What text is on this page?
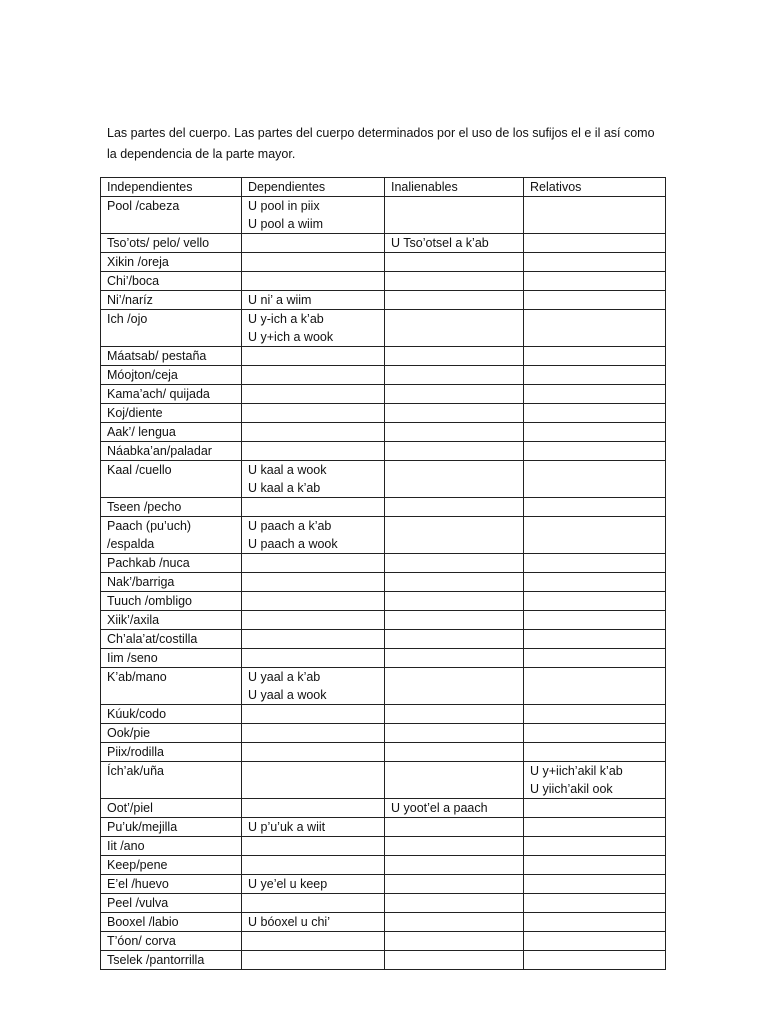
Las partes del cuerpo. Las partes del cuerpo determinados por el uso de los sufijos el e il así como
la dependencia de la parte mayor.
Independientes	Dependientes	Inalienables	Relativos

Pool /cabeza	U pool in piix
U pool a wiim		

Tso’ots/ pelo/ vello		U Tso’otsel a k’ab	

Xikin /oreja			

Chi’/boca			

Ni’/naríz	U ni’ a wiim		

Ich /ojo	U y-ich a k’ab
U y+ich a wook		

Máatsab/ pestaña			

Móojton/ceja			

Kama’ach/ quijada			

Koj/diente			

Aak’/ lengua			

Náabka’an/paladar			

Kaal /cuello	U kaal a wook
U kaal a k’ab		

Tseen /pecho			

Paach (pu’uch)
/espalda	U paach a k’ab
U paach a wook		

Pachkab /nuca			

Nak’/barriga			

Tuuch /ombligo			

Xiik’/axila			

Ch’ala’at/costilla			

Iim /seno			

K’ab/mano	U yaal a k’ab
U yaal a wook		

Kúuk/codo			

Ook/pie			

Piix/rodilla			

Ích’ak/uña			U y+iich’akil k’ab
U yiich’akil ook

Oot’/piel		U yoot’el a paach	

Pu’uk/mejilla	U p’u’uk a wiit		

Iit /ano			

Keep/pene			

E’el /huevo	U ye’el u keep		

Peel /vulva			

Booxel /labio	U bóoxel u chi’		

T’óon/ corva			

Tselek /pantorrilla			
